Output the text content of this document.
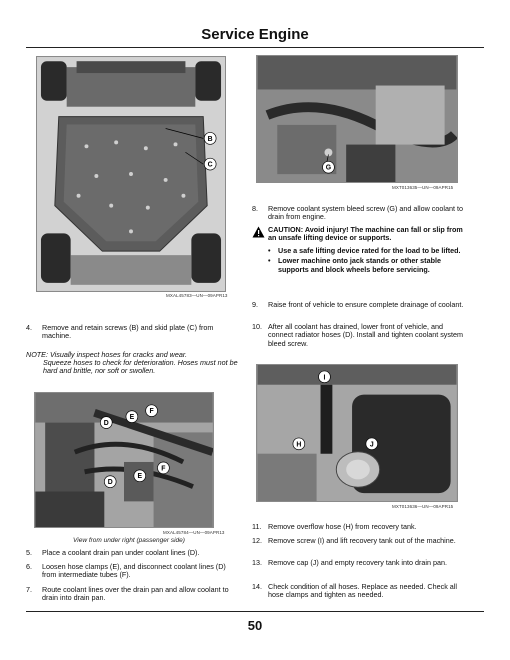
Service Engine
B
C
MXAL45783—UN—09APR13
4.	Remove and retain screws (B) and skid plate (C) from machine.
NOTE: Visually inspect hoses for cracks and wear.
Squeeze hoses to check for deterioration. Hoses must not be hard and brittle, nor soft or swollen.
D
E
F
E
F
D
MXAL45784—UN—09APR13
View from under right (passenger side)
5.	Place a coolant drain pan under coolant lines (D).
6.	Loosen hose clamps (E), and disconnect coolant lines (D) from intermediate tubes (F).
7.	Route coolant lines over the drain pan and allow coolant to drain into drain pan.
G
MXT013635—UN—09APR15
8.	Remove coolant system bleed screw (G) and allow coolant to drain from engine.
CAUTION: Avoid injury! The machine can fall or slip from an unsafe lifting device or supports.
•	Use a safe lifting device rated for the load to be lifted.
•	Lower machine onto jack stands or other stable supports and block wheels before servicing.
9.	Raise front of vehicle to ensure complete drainage of coolant.
10. After all coolant has drained, lower front of vehicle, and connect radiator hoses (D). Install and tighten coolant system bleed screw.
I
H	J
MXT013636—UN—09APR15
11. Remove overflow hose (H) from recovery tank.
12. Remove screw (I) and lift recovery tank out of the machine.
13. Remove cap (J) and empty recovery tank into drain pan.
14. Check condition of all hoses. Replace as needed. Check all hose clamps and tighten as needed.
50
